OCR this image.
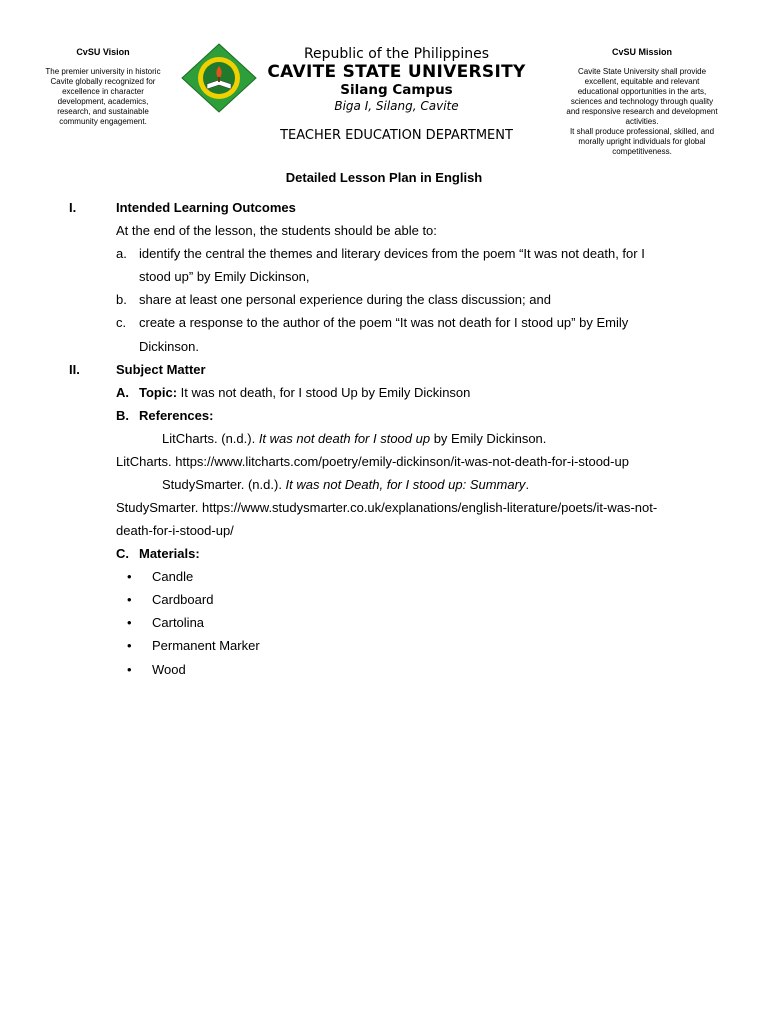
CvSU Vision
The premier university in historic Cavite globally recognized for excellence in character development, academics, research, and sustainable community engagement.
Republic of the Philippines
CAVITE STATE UNIVERSITY
Silang Campus
Biga I, Silang, Cavite
TEACHER EDUCATION DEPARTMENT
CvSU Mission
Cavite State University shall provide excellent, equitable and relevant educational opportunities in the arts, sciences and technology through quality and responsive research and development activities.
It shall produce professional, skilled, and morally upright individuals for global competitiveness.
Detailed Lesson Plan in English
I.	Intended Learning Outcomes
At the end of the lesson, the students should be able to:
a. identify the central the themes and literary devices from the poem “It was not death, for I
stood up” by Emily Dickinson,
b. share at least one personal experience during the class discussion; and
c. create a response to the author of the poem “It was not death for I stood up” by Emily
Dickinson.
II.	Subject Matter
A. Topic: It was not death, for I stood Up by Emily Dickinson
B. References:
LitCharts. (n.d.). It was not death for I stood up by Emily Dickinson.
LitCharts. https://www.litcharts.com/poetry/emily-dickinson/it-was-not-death-for-i-stood-up
StudySmarter. (n.d.). It was not Death, for I stood up: Summary.
StudySmarter. https://www.studysmarter.co.uk/explanations/english-literature/poets/it-was-not-
death-for-i-stood-up/
C. Materials:
• Candle
• Cardboard
• Cartolina
• Permanent Marker
• Wood
